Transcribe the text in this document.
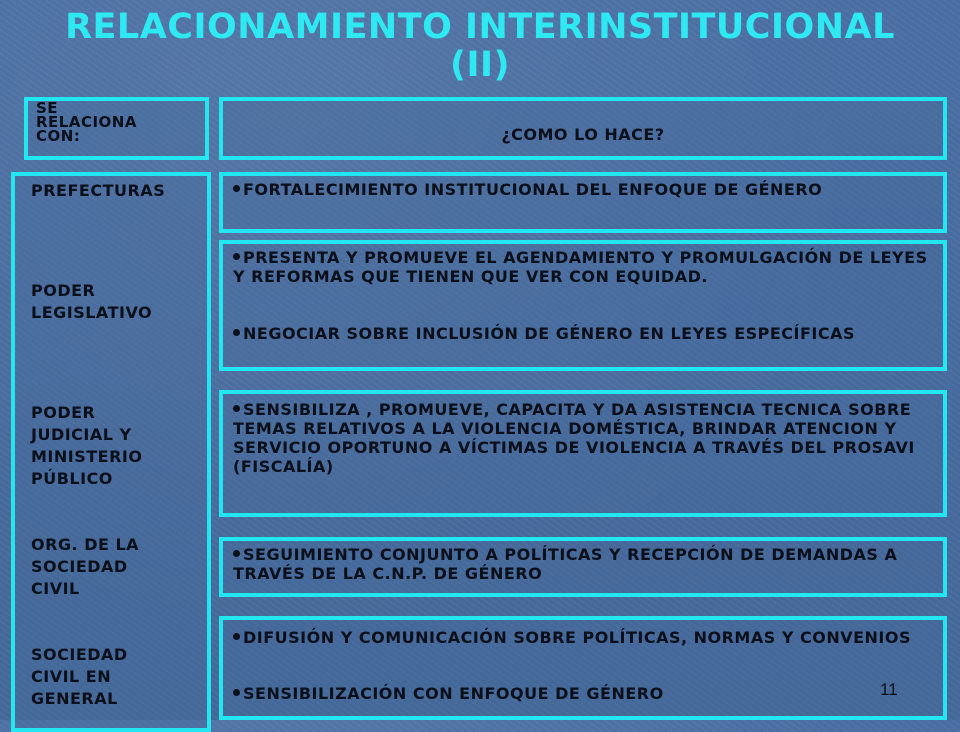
RELACIONAMIENTO INTERINSTITUCIONAL
(II)
SE
RELACIONA
CON:	¿COMO LO HACE?
PREFECTURAS
PODER
LEGISLATIVO
PODER
JUDICIAL Y
MINISTERIO
PÚBLICO
ORG. DE LA
SOCIEDAD
CIVIL
SOCIEDAD
CIVIL EN
GENERAL
FORTALECIMIENTO INSTITUCIONAL DEL ENFOQUE DE GÉNERO
PRESENTA Y PROMUEVE EL AGENDAMIENTO Y PROMULGACIÓN DE LEYES Y REFORMAS QUE TIENEN QUE VER CON EQUIDAD.
NEGOCIAR SOBRE INCLUSIÓN DE GÉNERO EN LEYES ESPECÍFICAS
SENSIBILIZA , PROMUEVE, CAPACITA Y DA ASISTENCIA TECNICA SOBRE TEMAS RELATIVOS A LA VIOLENCIA DOMÉSTICA, BRINDAR ATENCION Y SERVICIO OPORTUNO A VÍCTIMAS DE VIOLENCIA A TRAVÉS DEL PROSAVI (FISCALÍA)
SEGUIMIENTO CONJUNTO A POLÍTICAS Y RECEPCIÓN DE DEMANDAS A TRAVÉS DE LA C.N.P. DE GÉNERO
DIFUSIÓN Y COMUNICACIÓN SOBRE POLÍTICAS, NORMAS Y CONVENIOS
SENSIBILIZACIÓN CON ENFOQUE DE GÉNERO	11
